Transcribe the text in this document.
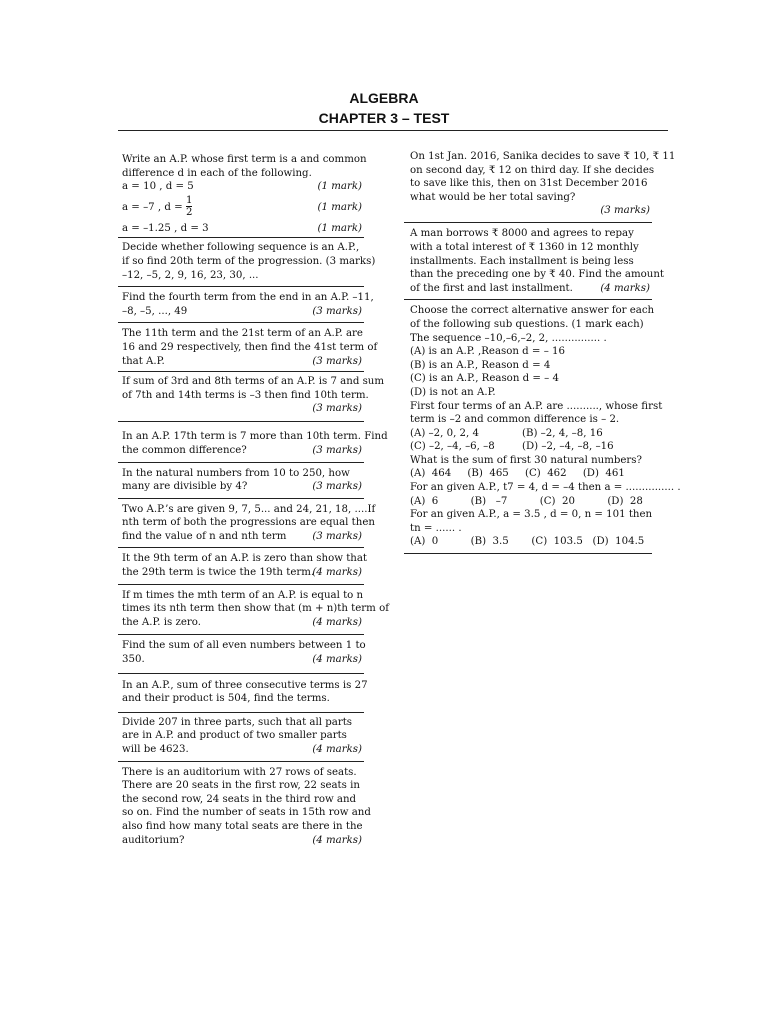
ALGEBRA
CHAPTER 3 – TEST
Write an A.P. whose first term is a and common
difference d in each of the following.
a = 10 , d = 5	(1 mark)
a = –7 , $d = \frac{1}{2}$	(1 mark)
a = –1.25 , d = 3	(1 mark)
Decide whether following sequence is an A.P.,
if so find 20th term of the progression. (3 marks)
–12, –5, 2, 9, 16, 23, 30, ...
Find the fourth term from the end in an A.P. –11,
–8, –5, ..., 49	(3 marks)
The 11th term and the 21st term of an A.P. are
16 and 29 respectively, then find the 41st term of
that A.P.	(3 marks)
If sum of 3rd and 8th terms of an A.P. is 7 and sum
of 7th and 14th terms is –3 then find 10th term.
(3 marks)
In an A.P. 17th term is 7 more than 10th term. Find
the common difference?	(3 marks)
In the natural numbers from 10 to 250, how
many are divisible by 4?	(3 marks)
Two A.P.’s are given 9, 7, 5... and 24, 21, 18, ....If
nth term of both the progressions are equal then
find the value of n and nth term	(3 marks)
It the 9th term of an A.P. is zero than show that
the 29th term is twice the 19th term.
(4 marks)
If m times the mth term of an A.P. is equal to n
times its nth term then show that (m + n)th term of
the A.P. is zero.	(4 marks)
Find the sum of all even numbers between 1 to
350.	(4 marks)
In an A.P., sum of three consecutive terms is 27
and their product is 504, find the terms.
Divide 207 in three parts, such that all parts
are in A.P. and product of two smaller parts
will be 4623.	(4 marks)
There is an auditorium with 27 rows of seats.
There are 20 seats in the first row, 22 seats in
the second row, 24 seats in the third row and
so on. Find the number of seats in 15th row and
also find how many total seats are there in the
auditorium?	(4 marks)
On 1st Jan. 2016, Sanika decides to save ₹ 10, ₹ 11
on second day, ₹ 12 on third day. If she decides
to save like this, then on 31st December 2016
what would be her total saving?
(3 marks)
A man borrows ₹ 8000 and agrees to repay
with a total interest of ₹ 1360 in 12 monthly
installments. Each installment is being less
than the preceding one by ₹ 40. Find the amount
of the first and last installment.	(4 marks)
Choose the correct alternative answer for each
of the following sub questions. (1 mark each)
The sequence –10,–6,–2, 2, ............... .
(A) is an A.P. ,Reason d = – 16
(B) is an A.P., Reason d = 4
(C) is an A.P., Reason d = – 4
(D) is not an A.P.
First four terms of an A.P. are .........., whose first
term is –2 and common difference is – 2.
(A) –2, 0, 2, 4	(B) –2, 4, –8, 16
(C) –2, –4, –6, –8	(D) –2, –4, –8, –16
What is the sum of first 30 natural numbers?
(A)  464     (B)  465     (C)  462     (D)  461
For an given A.P., t7 = 4, d = –4 then a = ............... .
(A)  6          (B)   –7          (C)  20          (D)  28
For an given A.P., a = 3.5 , d = 0, n = 101 then
tn = ...... .
(A)  0          (B)  3.5       (C)  103.5   (D)  104.5
